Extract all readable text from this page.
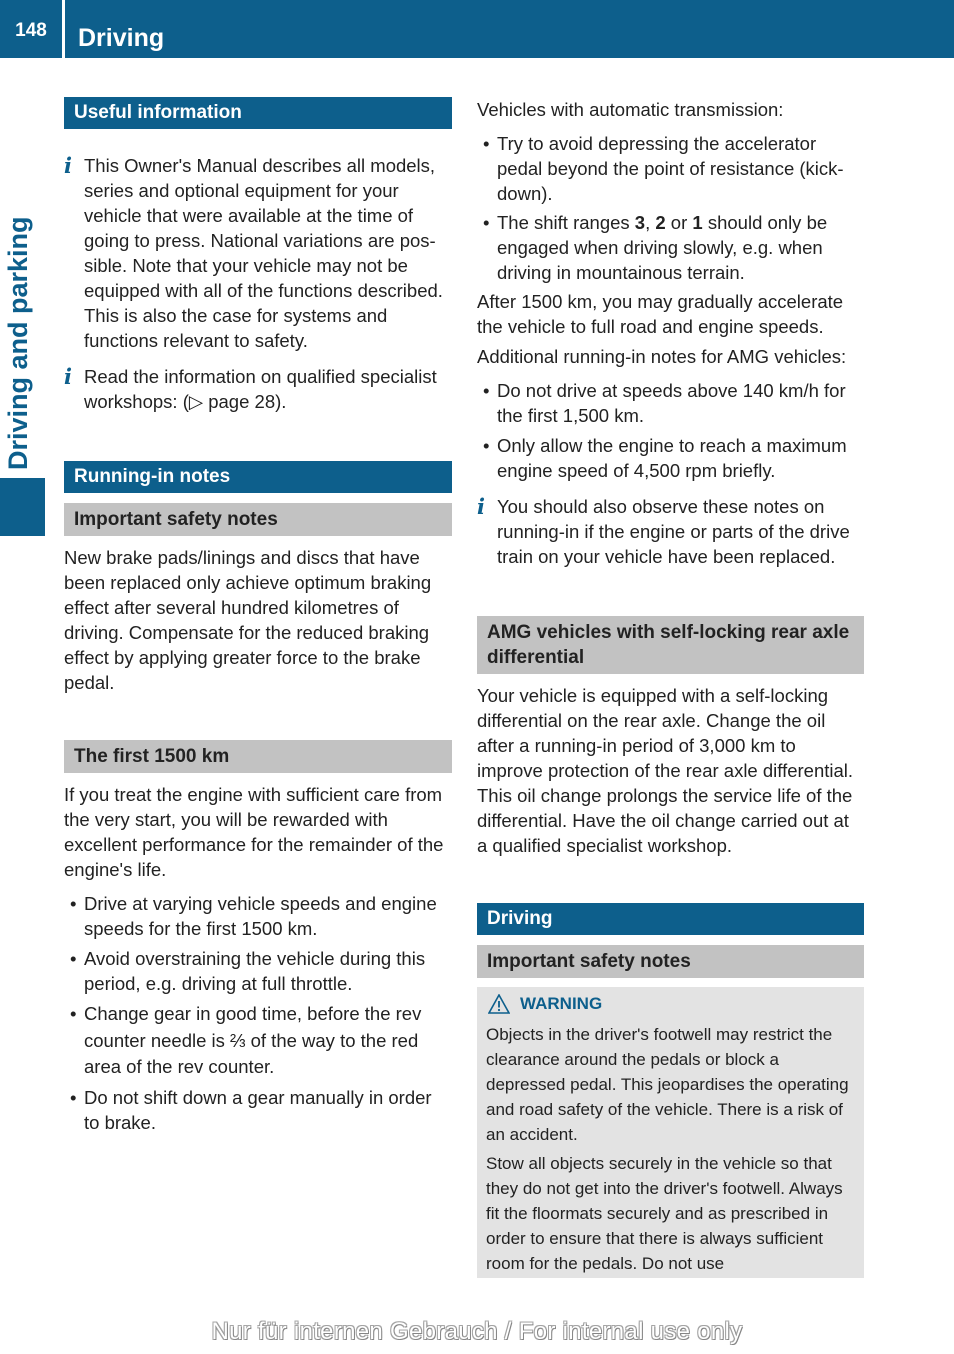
148	Driving
Driving and parking
Useful information
i This Owner's Manual describes all models, series and optional equipment for your vehicle that were available at the time of going to press. National variations are possible. Note that your vehicle may not be equipped with all of the functions described. This is also the case for systems and functions relevant to safety.
i Read the information on qualified specialist workshops: (▷ page 28).
Running-in notes
Important safety notes

New brake pads/linings and discs that have been replaced only achieve optimum braking effect after several hundred kilometres of driving. Compensate for the reduced braking effect by applying greater force to the brake pedal.

The first 1500 km

If you treat the engine with sufficient care from the very start, you will be rewarded with excellent performance for the remainder of the engine's life.

• Drive at varying vehicle speeds and engine speeds for the first 1500 km.
• Avoid overstraining the vehicle during this period, e.g. driving at full throttle.
• Change gear in good time, before the rev counter needle is ⅔ of the way to the red area of the rev counter.
• Do not shift down a gear manually in order to brake.

Vehicles with automatic transmission:

• Try to avoid depressing the accelerator pedal beyond the point of resistance (kickdown).
• The shift ranges 3, 2 or 1 should only be engaged when driving slowly, e.g. when driving in mountainous terrain.

After 1500 km, you may gradually accelerate the vehicle to full road and engine speeds.

Additional running-in notes for AMG vehicles:

• Do not drive at speeds above 140 km/h for the first 1,500 km.
• Only allow the engine to reach a maximum engine speed of 4,500 rpm briefly.
i You should also observe these notes on running-in if the engine or parts of the drive train on your vehicle have been replaced.
AMG vehicles with self-locking rear axle differential

Your vehicle is equipped with a self-locking differential on the rear axle. Change the oil after a running-in period of 3,000 km to improve protection of the rear axle differential. This oil change prolongs the service life of the differential. Have the oil change carried out at a qualified specialist workshop.

Driving
Important safety notes
WARNING

Objects in the driver's footwell may restrict the clearance around the pedals or block a depressed pedal. This jeopardises the operating and road safety of the vehicle. There is a risk of an accident.

Stow all objects securely in the vehicle so that they do not get into the driver's footwell. Always fit the floormats securely and as prescribed in order to ensure that there is always sufficient room for the pedals. Do not use

Nur für internen Gebrauch / For internal use only
